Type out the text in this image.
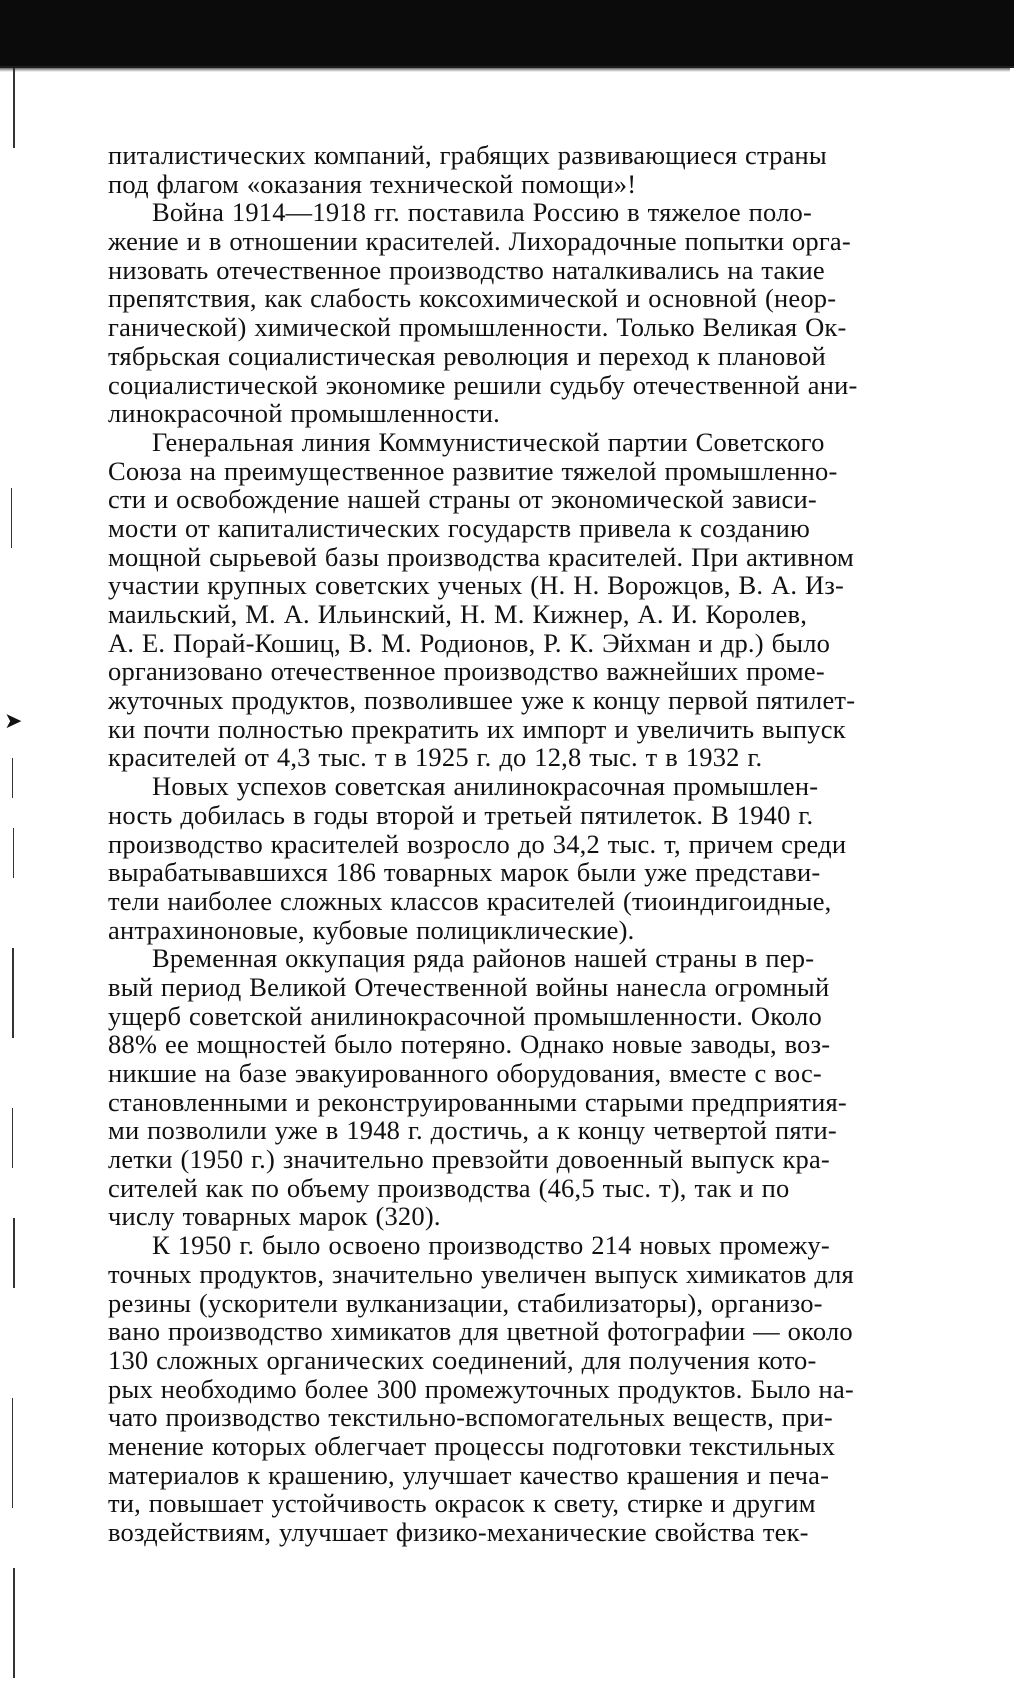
➤
питалистических компаний, грабящих развивающиеся страны
под флагом «оказания технической помощи»!
Война 1914—1918 гг. поставила Россию в тяжелое поло-
жение и в отношении красителей. Лихорадочные попытки орга-
низовать отечественное производство наталкивались на такие
препятствия, как слабость коксохимической и основной (неор-
ганической) химической промышленности. Только Великая Ок-
тябрьская социалистическая революция и переход к плановой
социалистической экономике решили судьбу отечественной ани-
линокрасочной промышленности.
Генеральная линия Коммунистической партии Советского
Союза на преимущественное развитие тяжелой промышленно-
сти и освобождение нашей страны от экономической зависи-
мости от капиталистических государств привела к созданию
мощной сырьевой базы производства красителей. При активном
участии крупных советских ученых (Н. Н. Ворожцов, В. А. Из-
маильский, М. А. Ильинский, Н. М. Кижнер, А. И. Королев,
А. Е. Порай-Кошиц, В. М. Родионов, Р. К. Эйхман и др.) было
организовано отечественное производство важнейших проме-
жуточных продуктов, позволившее уже к концу первой пятилет-
ки почти полностью прекратить их импорт и увеличить выпуск
красителей от 4,3 тыс. т в 1925 г. до 12,8 тыс. т в 1932 г.
Новых успехов советская анилинокрасочная промышлен-
ность добилась в годы второй и третьей пятилеток. В 1940 г.
производство красителей возросло до 34,2 тыс. т, причем среди
вырабатывавшихся 186 товарных марок были уже представи-
тели наиболее сложных классов красителей (тиоиндигоидные,
антрахиноновые, кубовые полициклические).
Временная оккупация ряда районов нашей страны в пер-
вый период Великой Отечественной войны нанесла огромный
ущерб советской анилинокрасочной промышленности. Около
88% ее мощностей было потеряно. Однако новые заводы, воз-
никшие на базе эвакуированного оборудования, вместе с вос-
становленными и реконструированными старыми предприятия-
ми позволили уже в 1948 г. достичь, а к концу четвертой пяти-
летки (1950 г.) значительно превзойти довоенный выпуск кра-
сителей как по объему производства (46,5 тыс. т), так и по
числу товарных марок (320).
К 1950 г. было освоено производство 214 новых промежу-
точных продуктов, значительно увеличен выпуск химикатов для
резины (ускорители вулканизации, стабилизаторы), организо-
вано производство химикатов для цветной фотографии — около
130 сложных органических соединений, для получения кото-
рых необходимо более 300 промежуточных продуктов. Было на-
чато производство текстильно-вспомогательных веществ, при-
менение которых облегчает процессы подготовки текстильных
материалов к крашению, улучшает качество крашения и печа-
ти, повышает устойчивость окрасок к свету, стирке и другим
воздействиям, улучшает физико-механические свойства тек-
